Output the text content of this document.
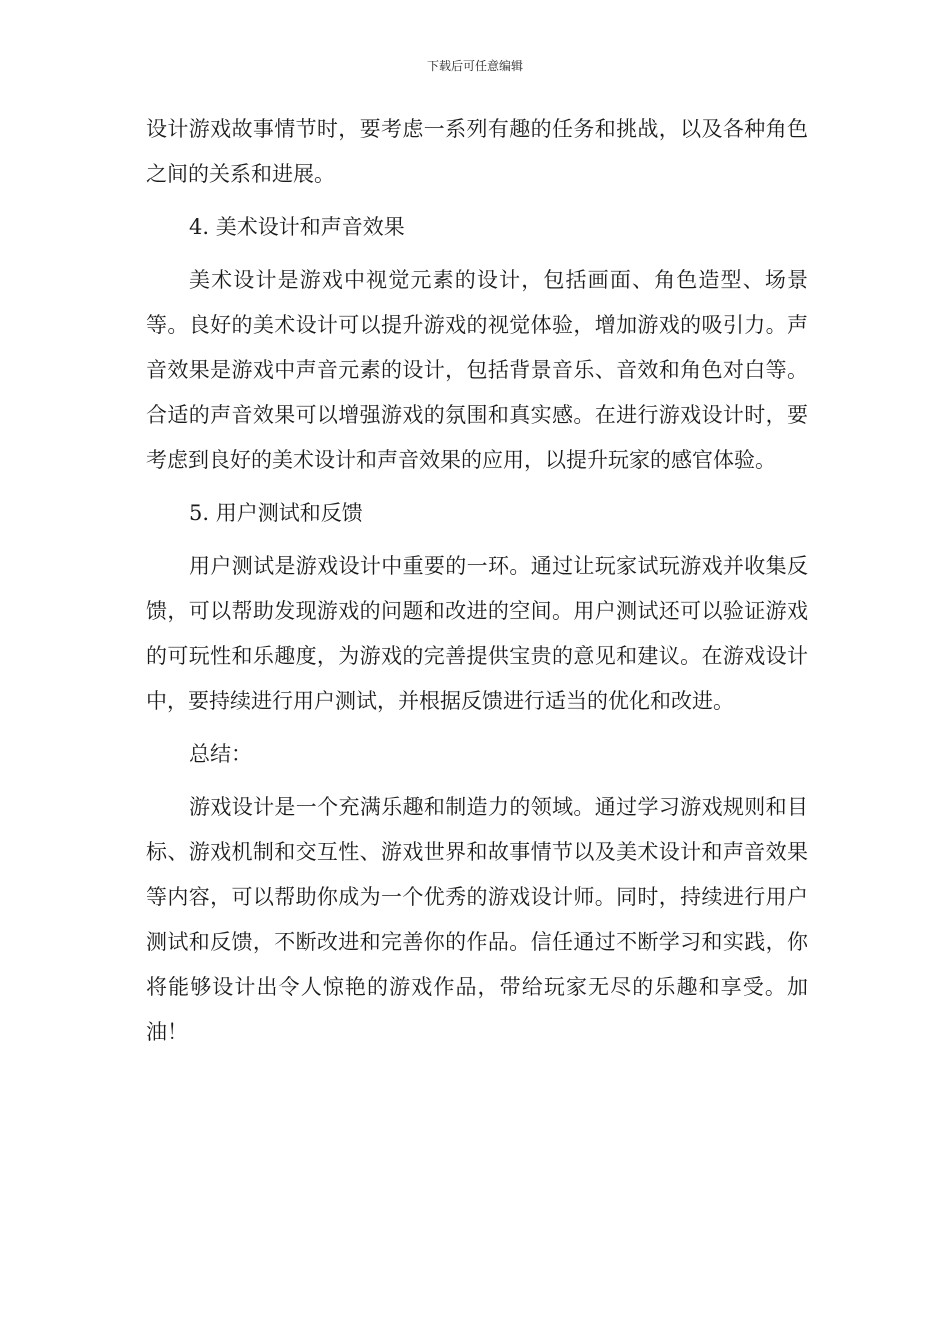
下载后可任意编辑

设计游戏故事情节时，要考虑一系列有趣的任务和挑战，以及各种角色之间的关系和进展。

4. 美术设计和声音效果

美术设计是游戏中视觉元素的设计，包括画面、角色造型、场景等。良好的美术设计可以提升游戏的视觉体验，增加游戏的吸引力。声音效果是游戏中声音元素的设计，包括背景音乐、音效和角色对白等。合适的声音效果可以增强游戏的氛围和真实感。在进行游戏设计时，要考虑到良好的美术设计和声音效果的应用，以提升玩家的感官体验。

5. 用户测试和反馈

用户测试是游戏设计中重要的一环。通过让玩家试玩游戏并收集反馈，可以帮助发现游戏的问题和改进的空间。用户测试还可以验证游戏的可玩性和乐趣度，为游戏的完善提供宝贵的意见和建议。在游戏设计中，要持续进行用户测试，并根据反馈进行适当的优化和改进。

总结：

游戏设计是一个充满乐趣和制造力的领域。通过学习游戏规则和目标、游戏机制和交互性、游戏世界和故事情节以及美术设计和声音效果等内容，可以帮助你成为一个优秀的游戏设计师。同时，持续进行用户测试和反馈，不断改进和完善你的作品。信任通过不断学习和实践，你将能够设计出令人惊艳的游戏作品，带给玩家无尽的乐趣和享受。加油！
